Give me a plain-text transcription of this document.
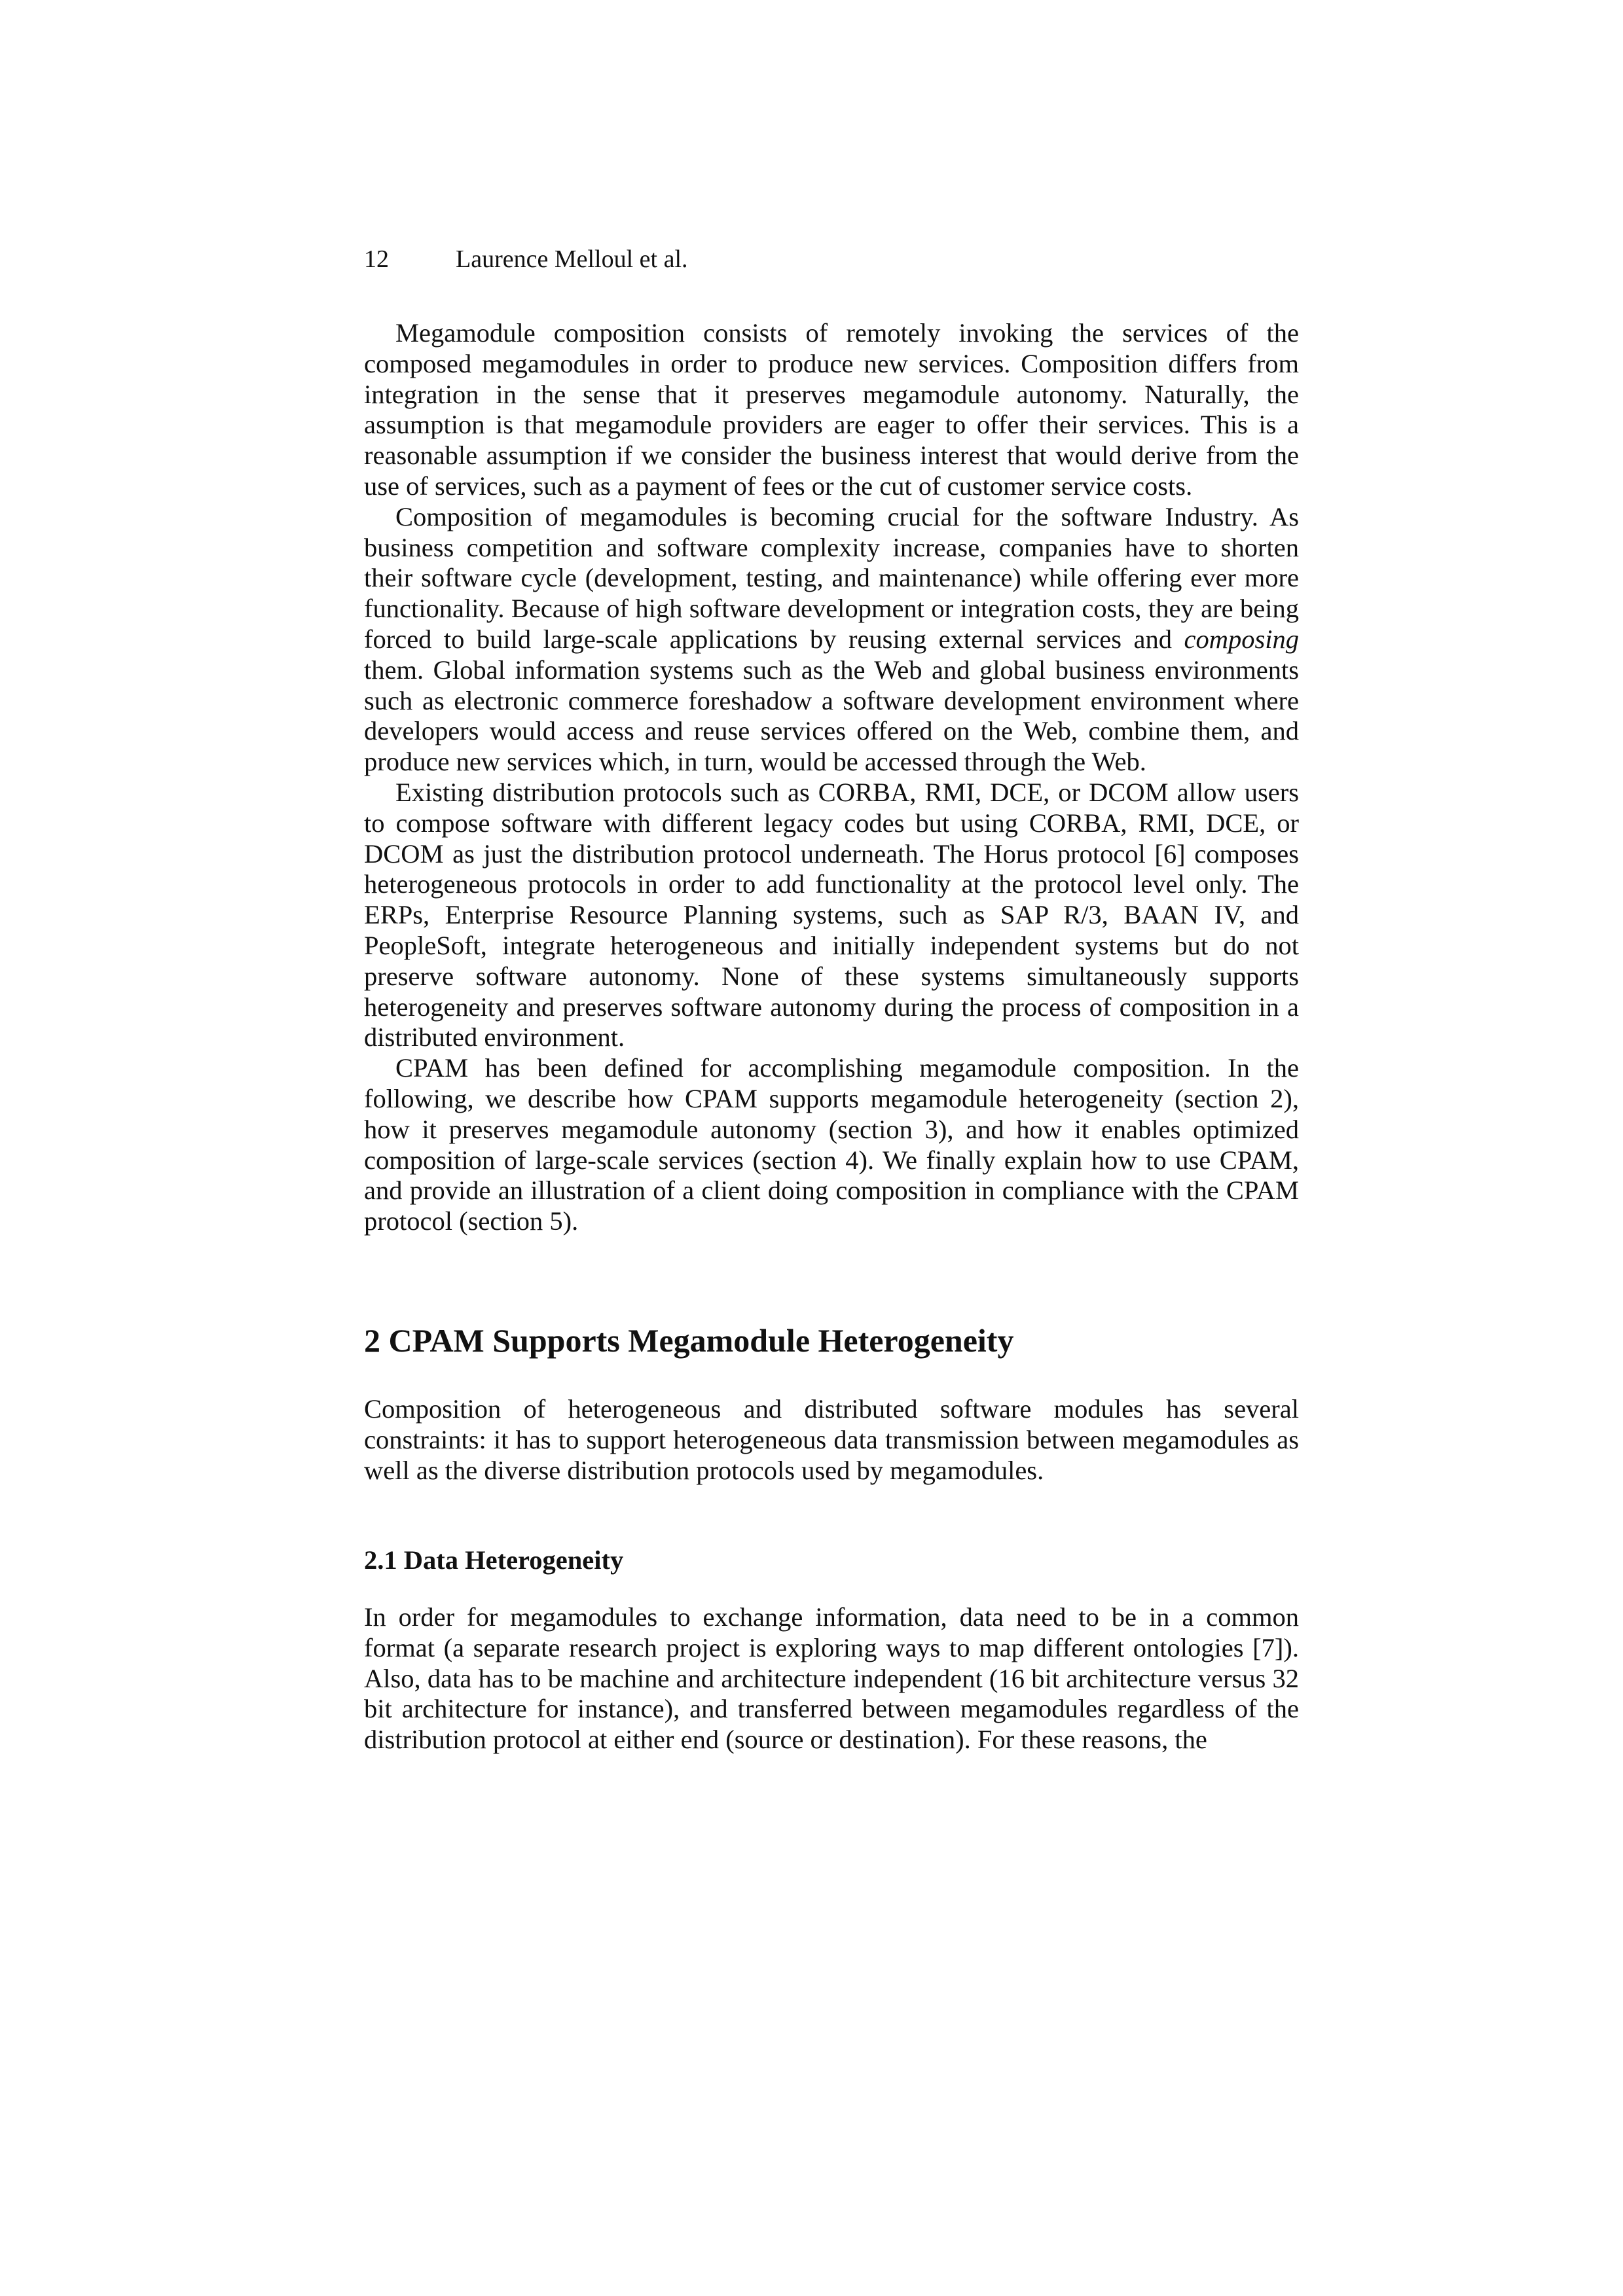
12	Laurence Melloul et al.

Megamodule composition consists of remotely invoking the services of the composed megamodules in order to produce new services. Composition differs from integration in the sense that it preserves megamodule autonomy. Naturally, the assumption is that megamodule providers are eager to offer their services. This is a reasonable assumption if we consider the business interest that would derive from the use of services, such as a payment of fees or the cut of customer service costs.

Composition of megamodules is becoming crucial for the software Industry. As business competition and software complexity increase, companies have to shorten their software cycle (development, testing, and maintenance) while offering ever more functionality. Because of high software development or integration costs, they are being forced to build large-scale applications by reusing external services and composing them. Global information systems such as the Web and global business environments such as electronic commerce foreshadow a software development environment where developers would access and reuse services offered on the Web, combine them, and produce new services which, in turn, would be accessed through the Web.

Existing distribution protocols such as CORBA, RMI, DCE, or DCOM allow users to compose software with different legacy codes but using CORBA, RMI, DCE, or DCOM as just the distribution protocol underneath. The Horus protocol [6] composes heterogeneous protocols in order to add functionality at the protocol level only. The ERPs, Enterprise Resource Planning systems, such as SAP R/3, BAAN IV, and PeopleSoft, integrate heterogeneous and initially independent systems but do not preserve software autonomy. None of these systems simultaneously supports heterogeneity and preserves software autonomy during the process of composition in a distributed environment.

CPAM has been defined for accomplishing megamodule composition. In the following, we describe how CPAM supports megamodule heterogeneity (section 2), how it preserves megamodule autonomy (section 3), and how it enables optimized composition of large-scale services (section 4). We finally explain how to use CPAM, and provide an illustration of a client doing composition in compliance with the CPAM protocol (section 5).

2 CPAM Supports Megamodule Heterogeneity

Composition of heterogeneous and distributed software modules has several constraints: it has to support heterogeneous data transmission between megamodules as well as the diverse distribution protocols used by megamodules.

2.1 Data Heterogeneity

In order for megamodules to exchange information, data need to be in a common format (a separate research project is exploring ways to map different ontologies [7]). Also, data has to be machine and architecture independent (16 bit architecture versus 32 bit architecture for instance), and transferred between megamodules regardless of the distribution protocol at either end (source or destination). For these reasons, the
